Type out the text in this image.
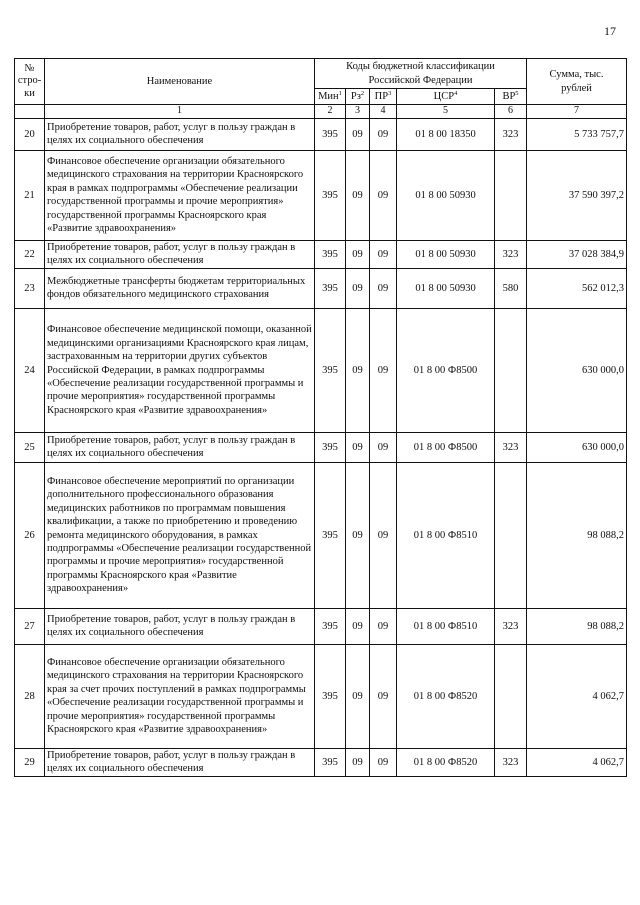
17
№ стро-ки	Наименование	Коды бюджетной классификации Российской Федерации					Сумма, тыс. рублей
		Мин$^1$	$Рз^2$	$ПР^3$	ЦСР$^4$	$ВР^5$
	1	2	3	4	5	6	7
20	Приобретение товаров, работ, услуг в пользу граждан в целях их социального обеспечения	395	09	09	01 8 00 18350	323	5 733 757,7
21	Финансовое обеспечение организации обязательного медицинского страхования на территории Красноярского края в рамках подпрограммы «Обеспечение реализации государственной программы и прочие мероприятия» государственной программы Красноярского края «Развитие здравоохранения»	395	09	09	01 8 00 50930		37 590 397,2
22	Приобретение товаров, работ, услуг в пользу граждан в целях их социального обеспечения	395	09	09	01 8 00 50930	323	37 028 384,9
23	Межбюджетные трансферты бюджетам территориальных фондов обязательного медицинского страхования	395	09	09	01 8 00 50930	580	562 012,3
24	Финансовое обеспечение медицинской помощи, оказанной медицинскими организациями Красноярского края лицам, застрахованным на территории других субъектов Российской Федерации, в рамках подпрограммы «Обеспечение реализации государственной программы и прочие мероприятия» государственной программы Красноярского края «Развитие здравоохранения»	395	09	09	01 8 00 Ф8500		630 000,0
25	Приобретение товаров, работ, услуг в пользу граждан в целях их социального обеспечения	395	09	09	01 8 00 Ф8500	323	630 000,0
26	Финансовое обеспечение мероприятий по организации дополнительного профессионального образования медицинских работников по программам повышения квалификации, а также по приобретению и проведению ремонта медицинского оборудования, в рамках подпрограммы «Обеспечение реализации государственной программы и прочие мероприятия» государственной программы Красноярского края «Развитие здравоохранения»	395	09	09	01 8 00 Ф8510		98 088,2
27	Приобретение товаров, работ, услуг в пользу граждан в целях их социального обеспечения	395	09	09	01 8 00 Ф8510	323	98 088,2
28	Финансовое обеспечение организации обязательного медицинского страхования на территории Красноярского края за счет прочих поступлений в рамках подпрограммы «Обеспечение реализации государственной программы и прочие мероприятия» государственной программы Красноярского края «Развитие здравоохранения»	395	09	09	01 8 00 Ф8520		4 062,7
29	Приобретение товаров, работ, услуг в пользу граждан в целях их социального обеспечения	395	09	09	01 8 00 Ф8520	323	4 062,7
